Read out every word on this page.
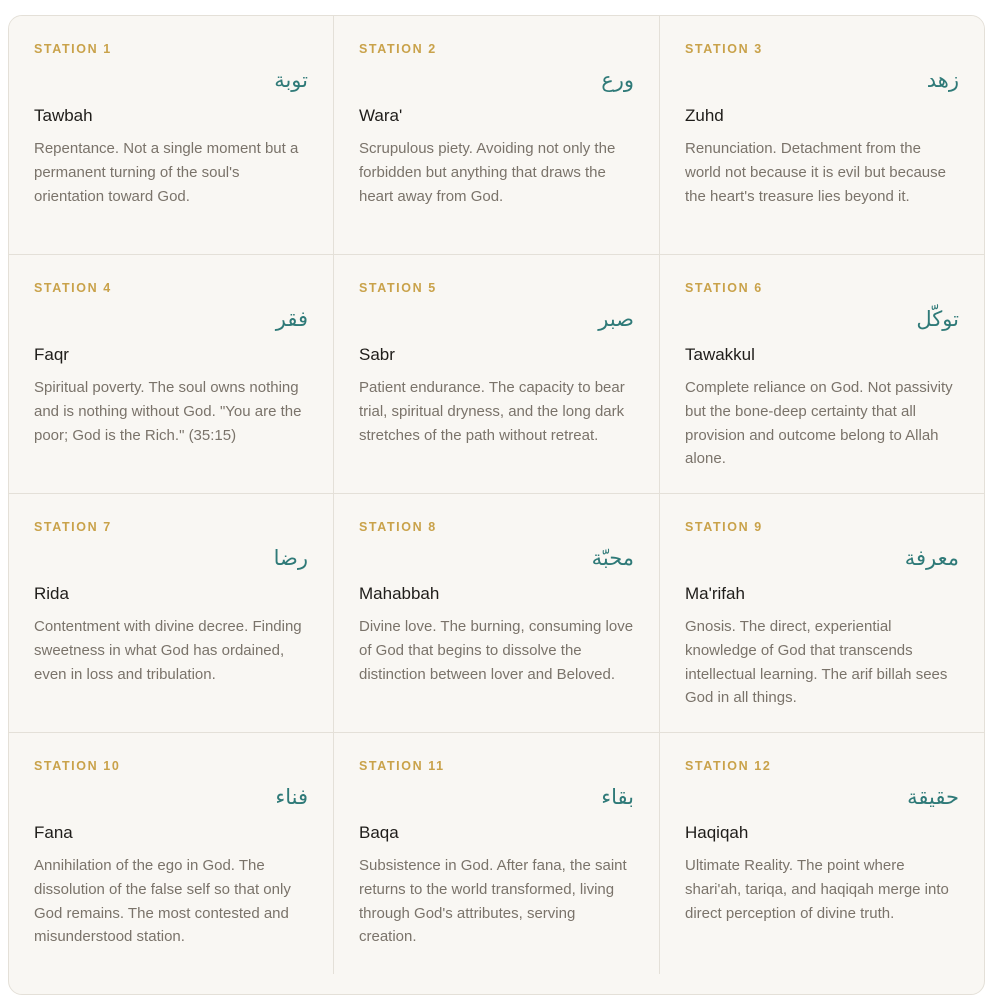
STATION 1
توبة
Tawbah
Repentance. Not a single moment but a permanent turning of the soul's orientation toward God.
STATION 2
ورع
Wara'
Scrupulous piety. Avoiding not only the forbidden but anything that draws the heart away from God.
STATION 3
زهد
Zuhd
Renunciation. Detachment from the world not because it is evil but because the heart's treasure lies beyond it.
STATION 4
فقر
Faqr
Spiritual poverty. The soul owns nothing and is nothing without God. "You are the poor; God is the Rich." (35:15)
STATION 5
صبر
Sabr
Patient endurance. The capacity to bear trial, spiritual dryness, and the long dark stretches of the path without retreat.
STATION 6
توكّل
Tawakkul
Complete reliance on God. Not passivity but the bone-deep certainty that all provision and outcome belong to Allah alone.
STATION 7
رضا
Rida
Contentment with divine decree. Finding sweetness in what God has ordained, even in loss and tribulation.
STATION 8
محبّة
Mahabbah
Divine love. The burning, consuming love of God that begins to dissolve the distinction between lover and Beloved.
STATION 9
معرفة
Ma'rifah
Gnosis. The direct, experiential knowledge of God that transcends intellectual learning. The arif billah sees God in all things.
STATION 10
فناء
Fana
Annihilation of the ego in God. The dissolution of the false self so that only God remains. The most contested and misunderstood station.
STATION 11
بقاء
Baqa
Subsistence in God. After fana, the saint returns to the world transformed, living through God's attributes, serving creation.
STATION 12
حقيقة
Haqiqah
Ultimate Reality. The point where shari'ah, tariqa, and haqiqah merge into direct perception of divine truth.
